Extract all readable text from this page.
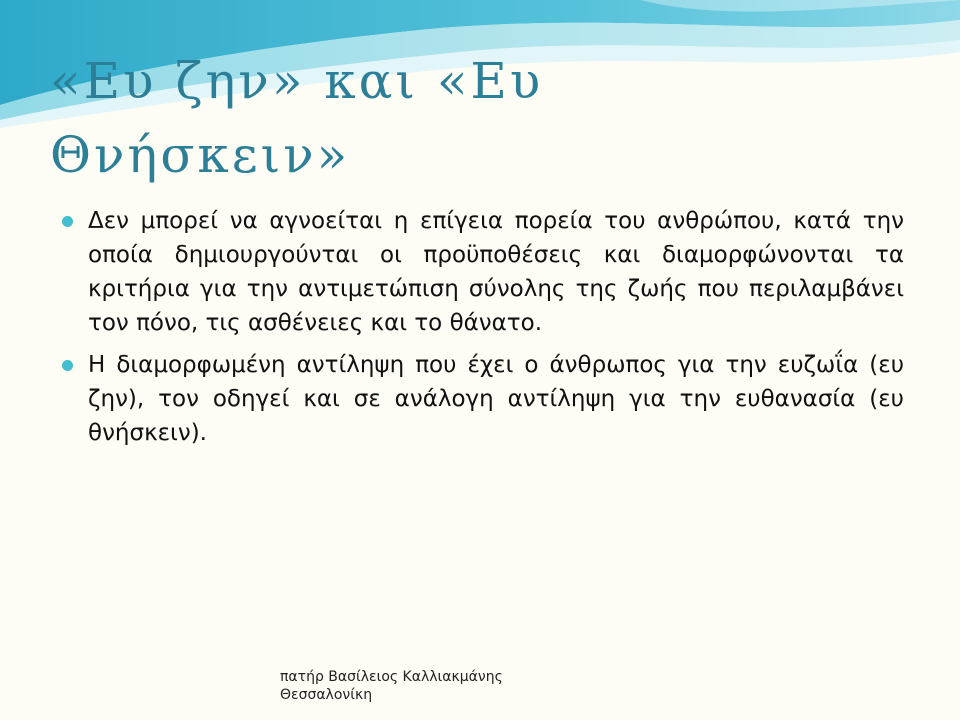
«Ευ ζην» και «Ευ Θνήσκειν»
Δεν μπορεί να αγνοείται η επίγεια πορεία του ανθρώπου, κατά την οποία δημιουργούνται οι προϋποθέσεις και διαμορφώνονται τα κριτήρια για την αντιμετώπιση σύνολης της ζωής που περιλαμβάνει τον πόνο, τις ασθένειες και το θάνατο.
Η διαμορφωμένη αντίληψη που έχει ο άνθρωπος για την ευζωΐα (ευ ζην), τον οδηγεί και σε ανάλογη αντίληψη για την ευθανασία (ευ θνήσκειν).
πατήρ Βασίλειος Καλλιακμάνης
Θεσσαλονίκη
